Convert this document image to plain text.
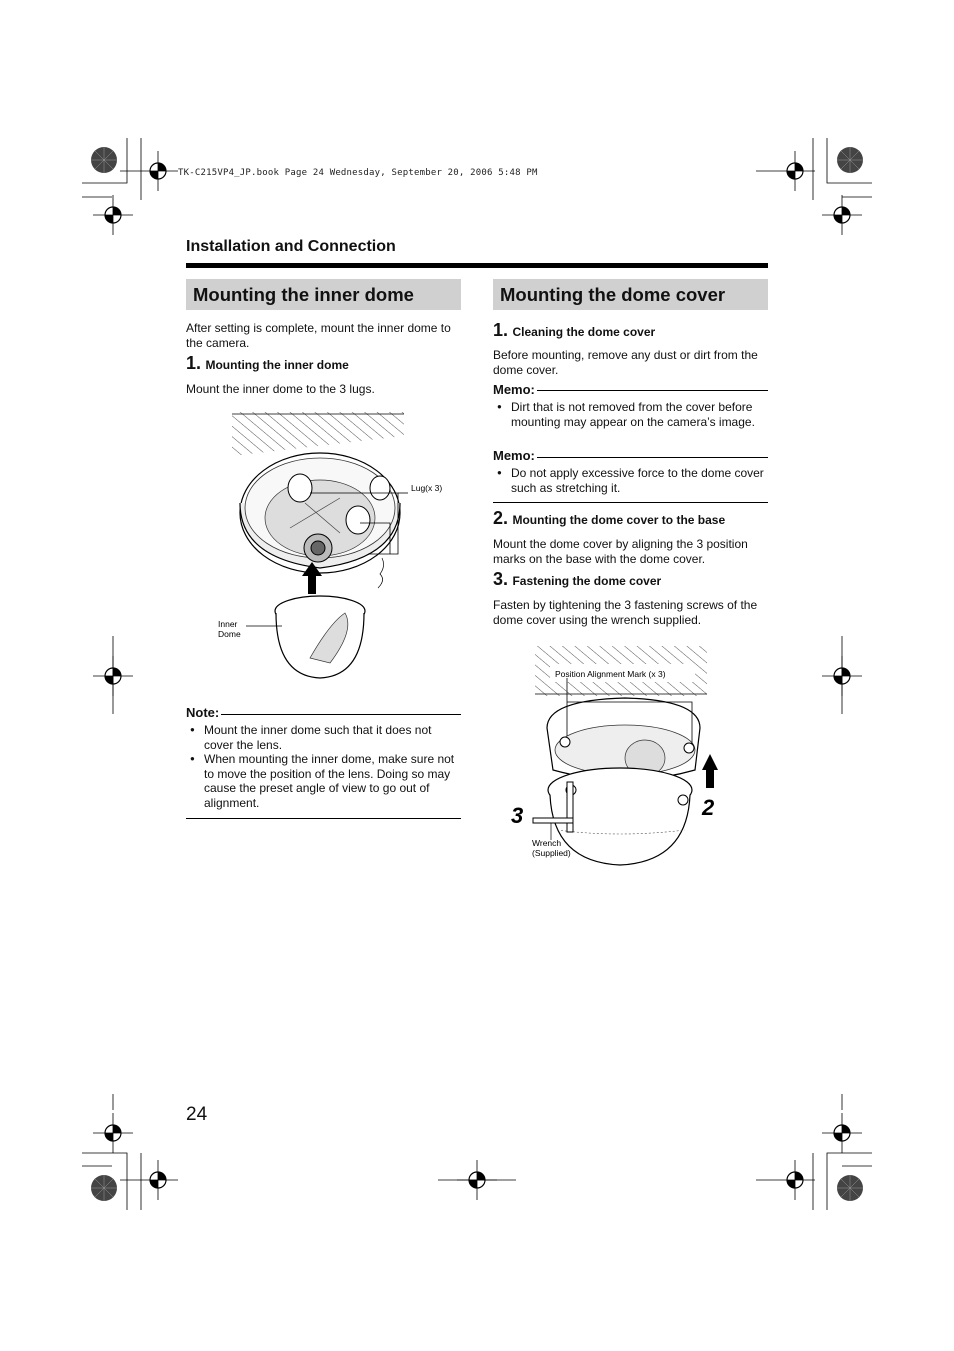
TK-C215VP4_JP.book Page 24 Wednesday, September 20, 2006 5:48 PM
Installation and Connection
Mounting the inner dome
After setting is complete, mount the inner dome to the camera.
1. Mounting the inner dome
Mount the inner dome to the 3 lugs.
Inner
Dome
Lug(x 3)
Note:
● Mount the inner dome such that it does not cover the lens.
● When mounting the inner dome, make sure not to move the position of the lens. Doing so may cause the preset angle of view to go out of alignment.
Mounting the dome cover
1. Cleaning the dome cover
Before mounting, remove any dust or dirt from the dome cover.
Memo:
● Dirt that is not removed from the cover before mounting may appear on the camera’s image.
Memo:
● Do not apply excessive force to the dome cover such as stretching it.
2. Mounting the dome cover to the base
Mount the dome cover by aligning the 3 position marks on the base with the dome cover.
3. Fastening the dome cover
Fasten by tightening the 3 fastening screws of the dome cover using the wrench supplied.
Position Alignment Mark (x 3)
Wrench
(Supplied)
2
3
24
